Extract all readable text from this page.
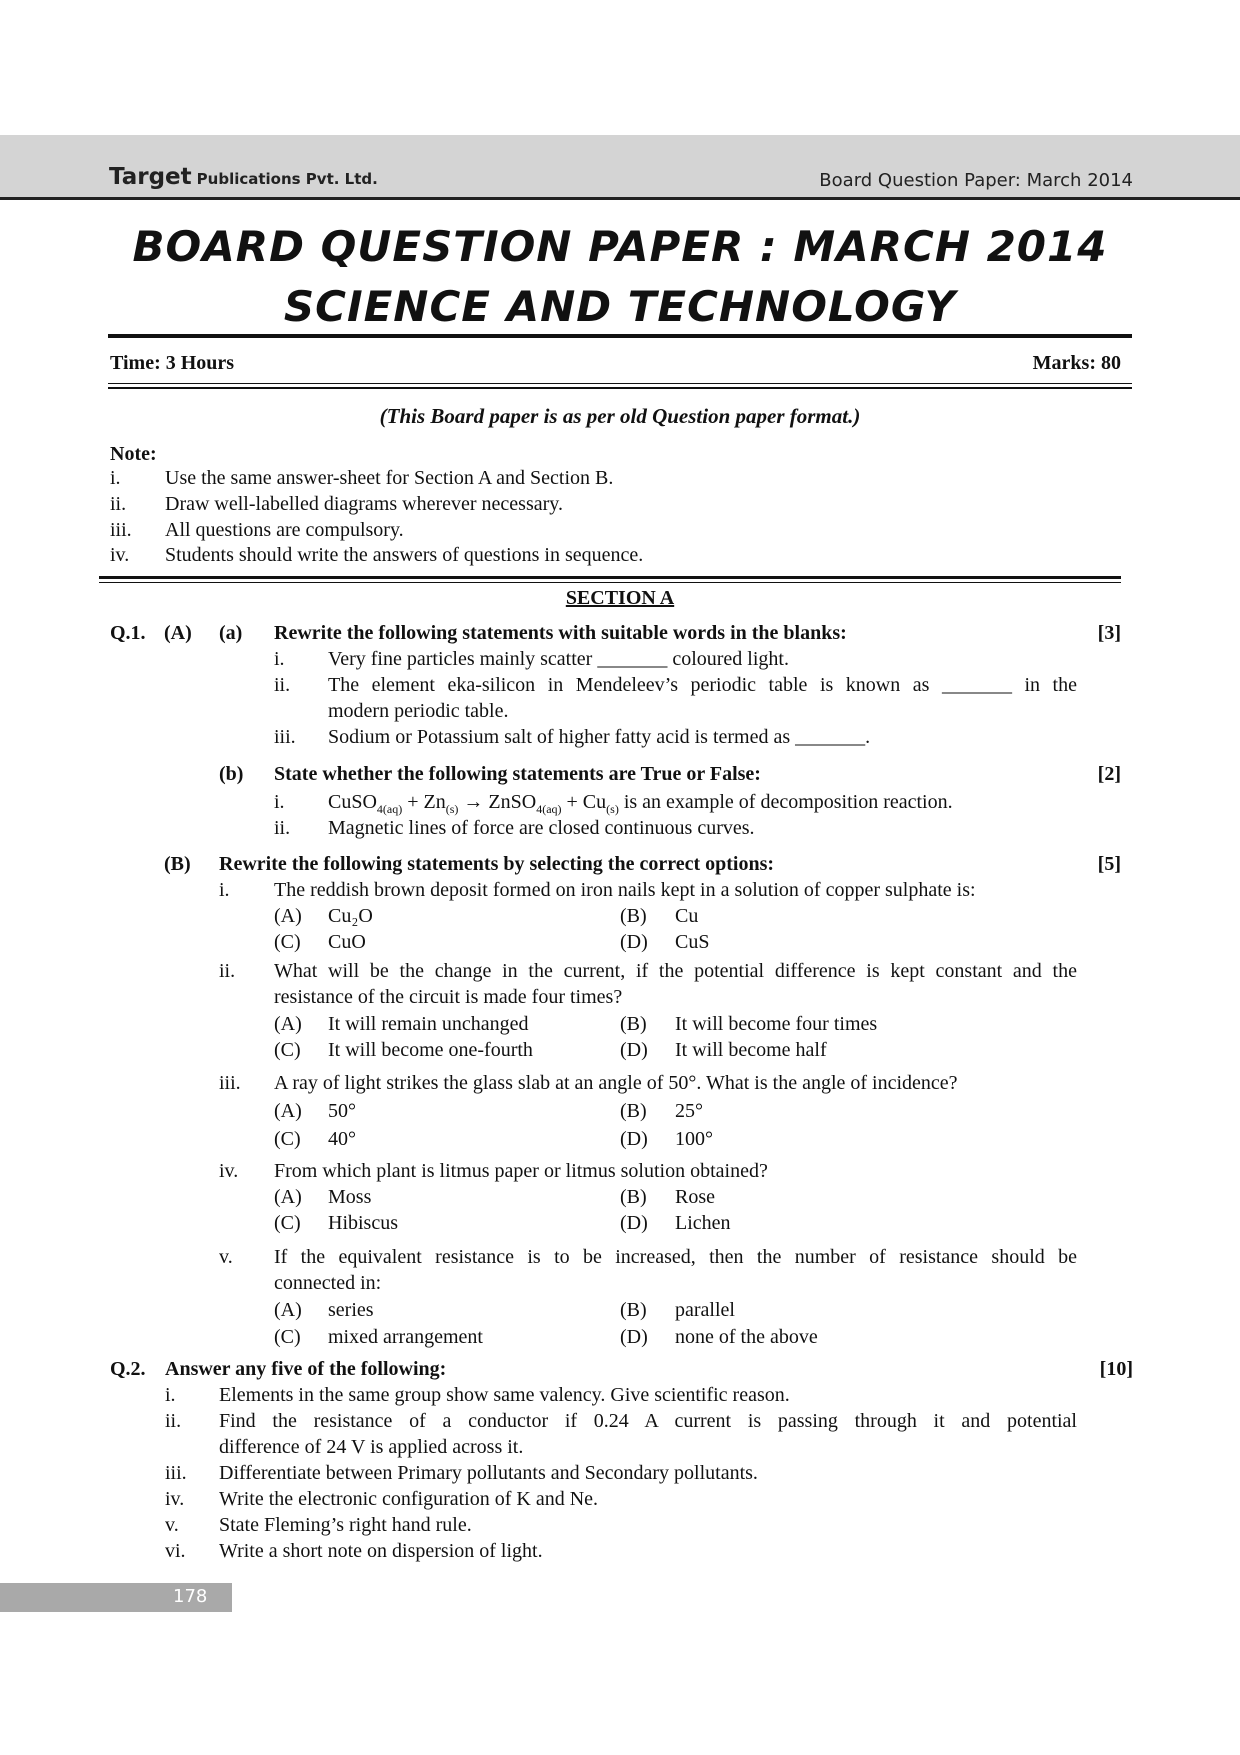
Target Publications Pvt. Ltd.	Board Question Paper: March 2014
BOARD QUESTION PAPER : MARCH 2014
SCIENCE AND TECHNOLOGY
Time: 3 Hours	Marks: 80
(This Board paper is as per old Question paper format.)
Note:
i. Use the same answer-sheet for Section A and Section B.
ii. Draw well-labelled diagrams wherever necessary.
iii. All questions are compulsory.
iv. Students should write the answers of questions in sequence.
SECTION A
Q.1. (A) (a) Rewrite the following statements with suitable words in the blanks:	[3]
i. Very fine particles mainly scatter _______ coloured light.
ii. The element eka-silicon in Mendeleev’s periodic table is known as _______ in the
modern periodic table.
iii. Sodium or Potassium salt of higher fatty acid is termed as _______.
(b) State whether the following statements are True or False:	[2]
i. CuSO$_{4(aq)}$ + $Zn_{(s)}$ → ZnSO$_{4(aq)}$ + $Cu_{(s)}$ is an example of decomposition reaction.
ii. Magnetic lines of force are closed continuous curves.
(B) Rewrite the following statements by selecting the correct options:	[5]
i. The reddish brown deposit formed on iron nails kept in a solution of copper sulphate is:
(A) Cu₂O	(B) Cu
(C) CuO	(D) CuS
ii. What will be the change in the current, if the potential difference is kept constant and the
resistance of the circuit is made four times?
(A) It will remain unchanged	(B) It will become four times
(C) It will become one-fourth	(D) It will become half
iii. A ray of light strikes the glass slab at an angle of 50°. What is the angle of incidence?
(A) 50°	(B) 25°
(C) 40°	(D) 100°
iv. From which plant is litmus paper or litmus solution obtained?
(A) Moss	(B) Rose
(C) Hibiscus	(D) Lichen
v. If the equivalent resistance is to be increased, then the number of resistance should be
connected in:
(A) series	(B) parallel
(C) mixed arrangement	(D) none of the above
Q.2. Answer any five of the following:	[10]
i. Elements in the same group show same valency. Give scientific reason.
ii. Find the resistance of a conductor if 0.24 A current is passing through it and potential
difference of 24 V is applied across it.
iii. Differentiate between Primary pollutants and Secondary pollutants.
iv. Write the electronic configuration of K and Ne.
v. State Fleming’s right hand rule.
vi. Write a short note on dispersion of light.
178
